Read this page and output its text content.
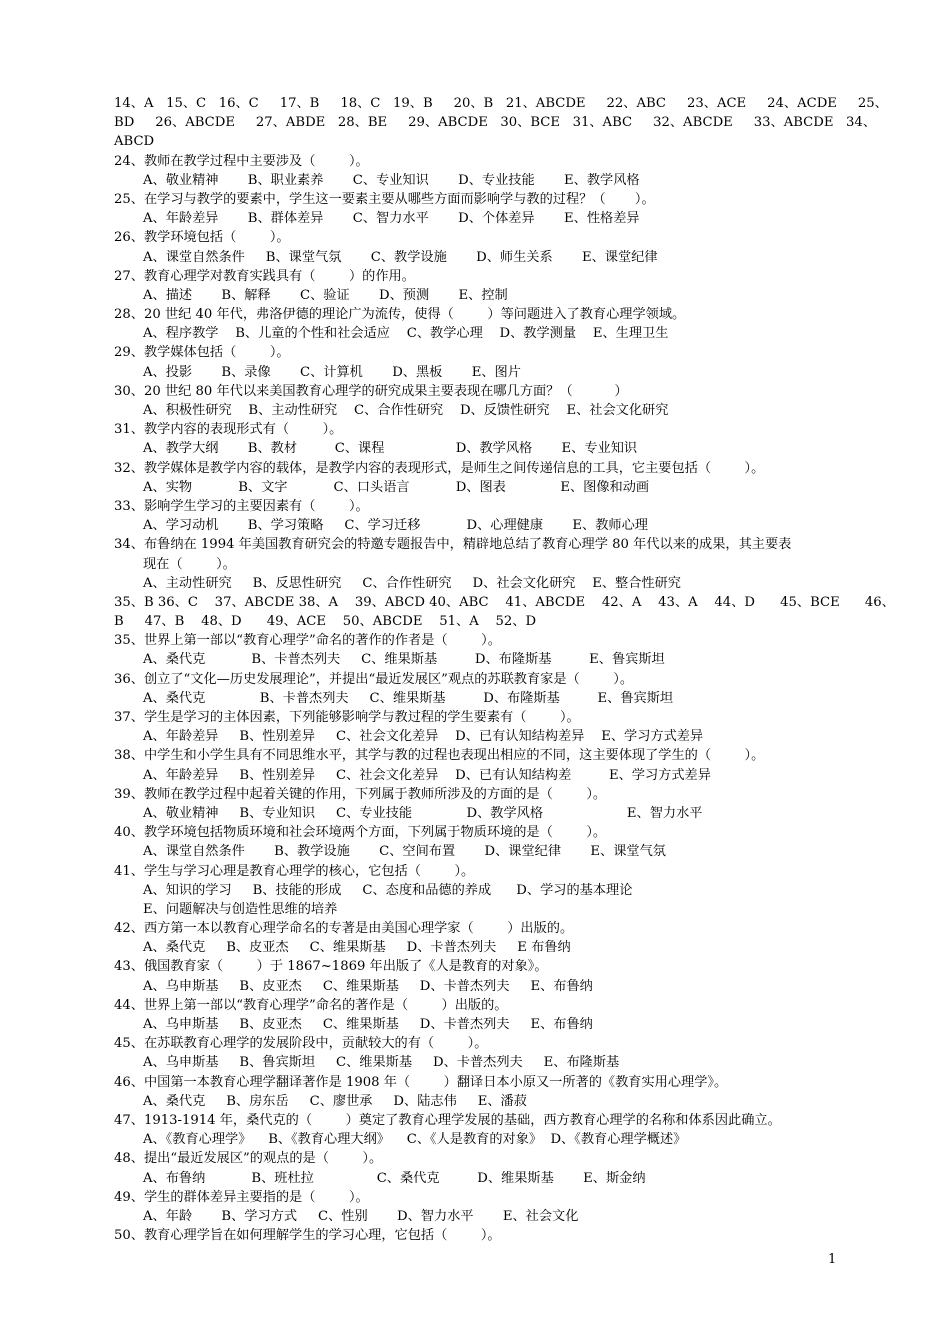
14、A   15、C   16、C     17、B     18、C   19、B     20、B   21、ABCDE     22、ABC     23、ACE     24、ACDE     25、
BD     26、ABCDE     27、ABDE   28、BE     29、ABCDE   30、BCE   31、ABC     32、ABCDE     33、ABCDE   34、
ABCD
24、教师在教学过程中主要涉及（        ）。
A、敬业精神       B、职业素养       C、专业知识       D、专业技能       E、教学风格
25、在学习与教学的要素中，学生这一要素主要从哪些方面而影响学与教的过程？（       ）。
A、年龄差异       B、群体差异       C、智力水平       D、个体差异       E、性格差异
26、教学环境包括（        ）。
A、课堂自然条件     B、课堂气氛       C、教学设施       D、师生关系       E、课堂纪律
27、教育心理学对教育实践具有（        ）的作用。
A、描述       B、解释       C、验证       D、预测       E、控制
28、20 世纪 40 年代，弗洛伊德的理论广为流传，使得（        ）等问题进入了教育心理学领域。
A、程序教学    B、儿童的个性和社会适应    C、教学心理    D、教学测量    E、生理卫生
29、教学媒体包括（        ）。
A、投影       B、录像       C、计算机       D、黑板       E、图片
30、20 世纪 80 年代以来美国教育心理学的研究成果主要表现在哪几方面？（          ）
A、积极性研究    B、主动性研究    C、合作性研究    D、反馈性研究    E、社会文化研究
31、教学内容的表现形式有（        ）。
A、教学大纲       B、教材         C、课程                 D、教学风格       E、专业知识
32、教学媒体是教学内容的载体，是教学内容的表现形式，是师生之间传递信息的工具，它主要包括（        ）。
A、实物           B、文字           C、口头语言           D、图表             E、图像和动画
33、影响学生学习的主要因素有（        ）。
A、学习动机       B、学习策略     C、学习迁移           D、心理健康       E、教师心理
34、布鲁纳在 1994 年美国教育研究会的特邀专题报告中，精辟地总结了教育心理学 80 年代以来的成果，其主要表
现在（        ）。
A、主动性研究     B、反思性研究     C、合作性研究     D、社会文化研究    E、整合性研究
35、B 36、C    37、ABCDE 38、A    39、ABCD 40、ABC    41、ABCDE    42、A    43、A    44、D      45、BCE      46、
B     47、B    48、D      49、ACE    50、ABCDE    51、A    52、D
35、世界上第一部以“教育心理学”命名的著作的作者是（        ）。
A、桑代克           B、卡普杰列夫     C、维果斯基         D、布隆斯基         E、鲁宾斯坦
36、创立了“文化—历史发展理论”，并提出“最近发展区”观点的苏联教育家是（        ）。
A、桑代克             B、卡普杰列夫     C、维果斯基         D、布隆斯基         E、鲁宾斯坦
37、学生是学习的主体因素，下列能够影响学与教过程的学生要素有（        ）。
A、年龄差异     B、性别差异     C、社会文化差异    D、已有认知结构差异    E、学习方式差异
38、中学生和小学生具有不同思维水平，其学与教的过程也表现出相应的不同，这主要体现了学生的（        ）。
A、年龄差异     B、性别差异     C、社会文化差异    D、已有认知结构差         E、学习方式差异
39、教师在教学过程中起着关键的作用，下列属于教师所涉及的方面的是（        ）。
A、敬业精神     B、专业知识     C、专业技能             D、教学风格                    E、智力水平
40、教学环境包括物质环境和社会环境两个方面，下列属于物质环境的是（        ）。
A、课堂自然条件       B、教学设施       C、空间布置       D、课堂纪律       E、课堂气氛
41、学生与学习心理是教育心理学的核心，它包括（        ）。
A、知识的学习     B、技能的形成     C、态度和品德的养成      D、学习的基本理论
E、问题解决与创造性思维的培养
42、西方第一本以教育心理学命名的专著是由美国心理学家（        ）出版的。
A、桑代克     B、皮亚杰     C、维果斯基     D、卡普杰列夫     E 布鲁纳
43、俄国教育家（        ）于 1867~1869 年出版了《人是教育的对象》。
A、乌申斯基     B、皮亚杰     C、维果斯基     D、卡普杰列夫     E、布鲁纳
44、世界上第一部以“教育心理学”命名的著作是（        ）出版的。
A、乌申斯基     B、皮亚杰     C、维果斯基     D、卡普杰列夫     E、布鲁纳
45、在苏联教育心理学的发展阶段中，贡献较大的有（        ）。
A、乌申斯基     B、鲁宾斯坦     C、维果斯基     D、卡普杰列夫     E、布隆斯基
46、中国第一本教育心理学翻译著作是 1908 年（        ）翻译日本小原又一所著的《教育实用心理学》。
A、桑代克     B、房东岳     C、廖世承     D、陆志伟     E、潘菽
47、1913-1914 年，桑代克的（        ）奠定了教育心理学发展的基础，西方教育心理学的名称和体系因此确立。
A、《教育心理学》    B、《教育心理大纲》    C、《人是教育的对象》  D、《教育心理学概述》
48、提出“最近发展区”的观点的是（        ）。
A、布鲁纳           B、班杜拉               C、桑代克         D、维果斯基       E、斯金纳
49、学生的群体差异主要指的是（        ）。
A、年龄       B、学习方式     C、性别       D、智力水平       E、社会文化
50、教育心理学旨在如何理解学生的学习心理，它包括（        ）。
1
